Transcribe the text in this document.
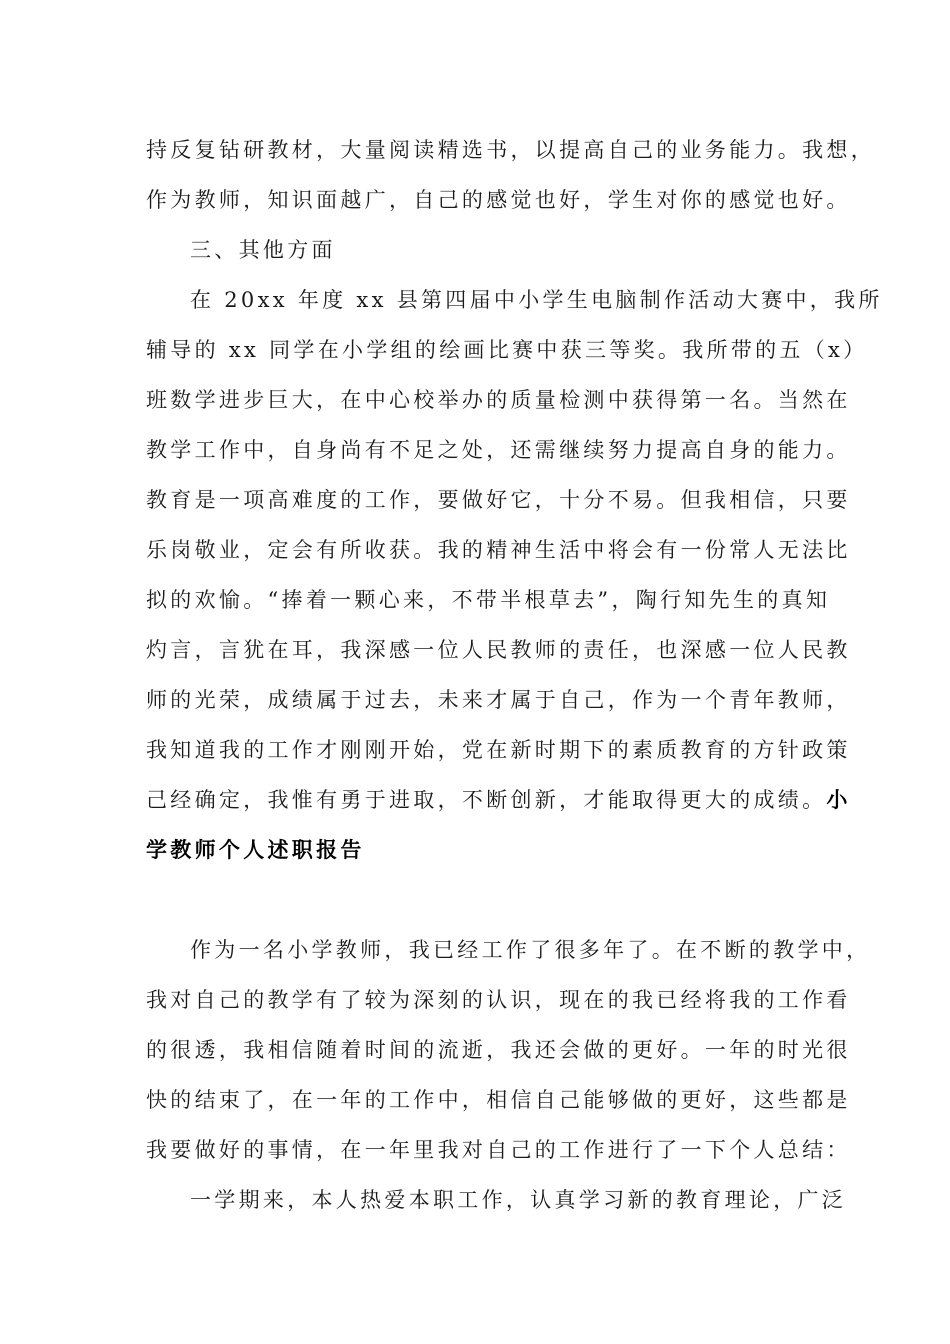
持反复钻研教材，大量阅读精选书，以提高自己的业务能力。我想，
作为教师，知识面越广，自己的感觉也好，学生对你的感觉也好。
三、其他方面
在 20xx 年度 xx 县第四届中小学生电脑制作活动大赛中，我所
辅导的 xx 同学在小学组的绘画比赛中获三等奖。我所带的五（x）
班数学进步巨大，在中心校举办的质量检测中获得第一名。当然在
教学工作中，自身尚有不足之处，还需继续努力提高自身的能力。
教育是一项高难度的工作，要做好它，十分不易。但我相信，只要
乐岗敬业，定会有所收获。我的精神生活中将会有一份常人无法比
拟的欢愉。“捧着一颗心来，不带半根草去”，陶行知先生的真知
灼言，言犹在耳，我深感一位人民教师的责任，也深感一位人民教
师的光荣，成绩属于过去，未来才属于自己，作为一个青年教师，
我知道我的工作才刚刚开始，党在新时期下的素质教育的方针政策
己经确定，我惟有勇于进取，不断创新，才能取得更大的成绩。小
学教师个人述职报告
作为一名小学教师，我已经工作了很多年了。在不断的教学中，
我对自己的教学有了较为深刻的认识，现在的我已经将我的工作看
的很透，我相信随着时间的流逝，我还会做的更好。一年的时光很
快的结束了，在一年的工作中，相信自己能够做的更好，这些都是
我要做好的事情，在一年里我对自己的工作进行了一下个人总结：
一学期来，本人热爱本职工作，认真学习新的教育理论，广泛
